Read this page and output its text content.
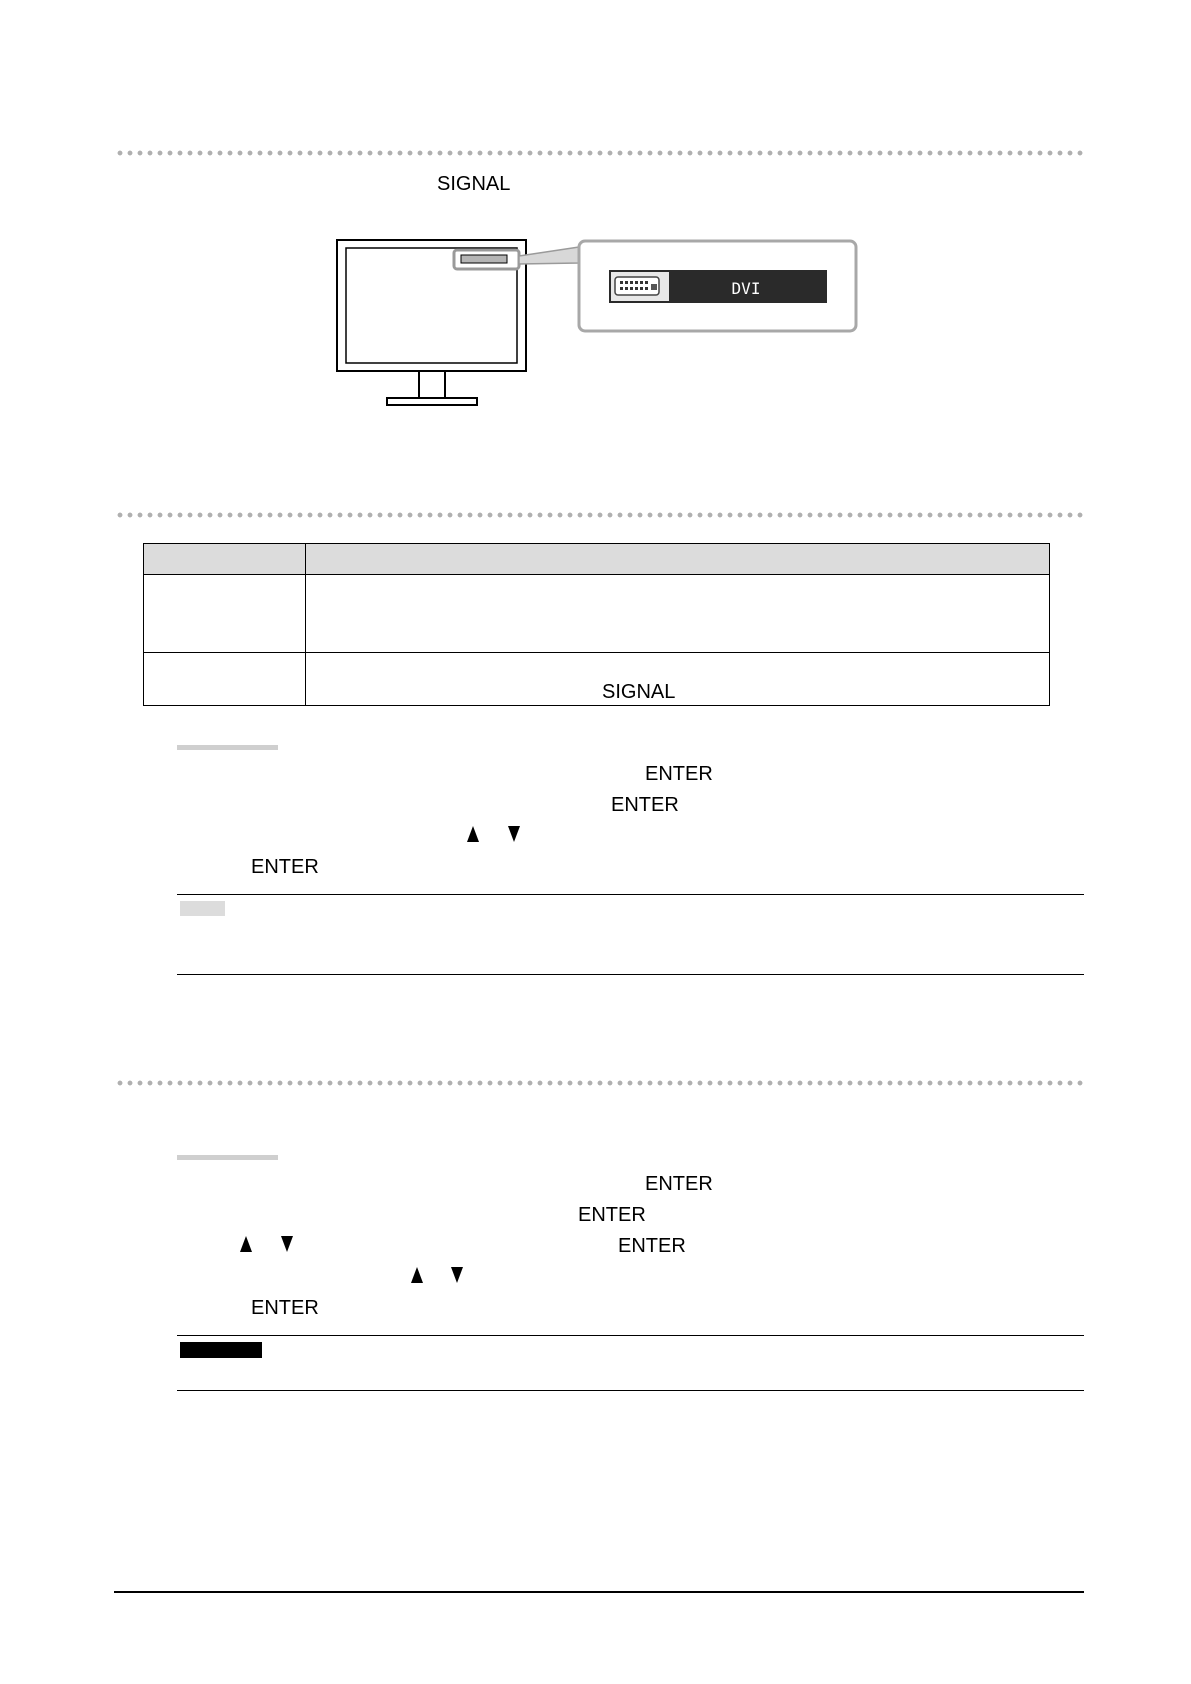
SIGNAL
DVI

	SIGNAL
ENTER
ENTER
ENTER
ENTER
ENTER
ENTER
ENTER
